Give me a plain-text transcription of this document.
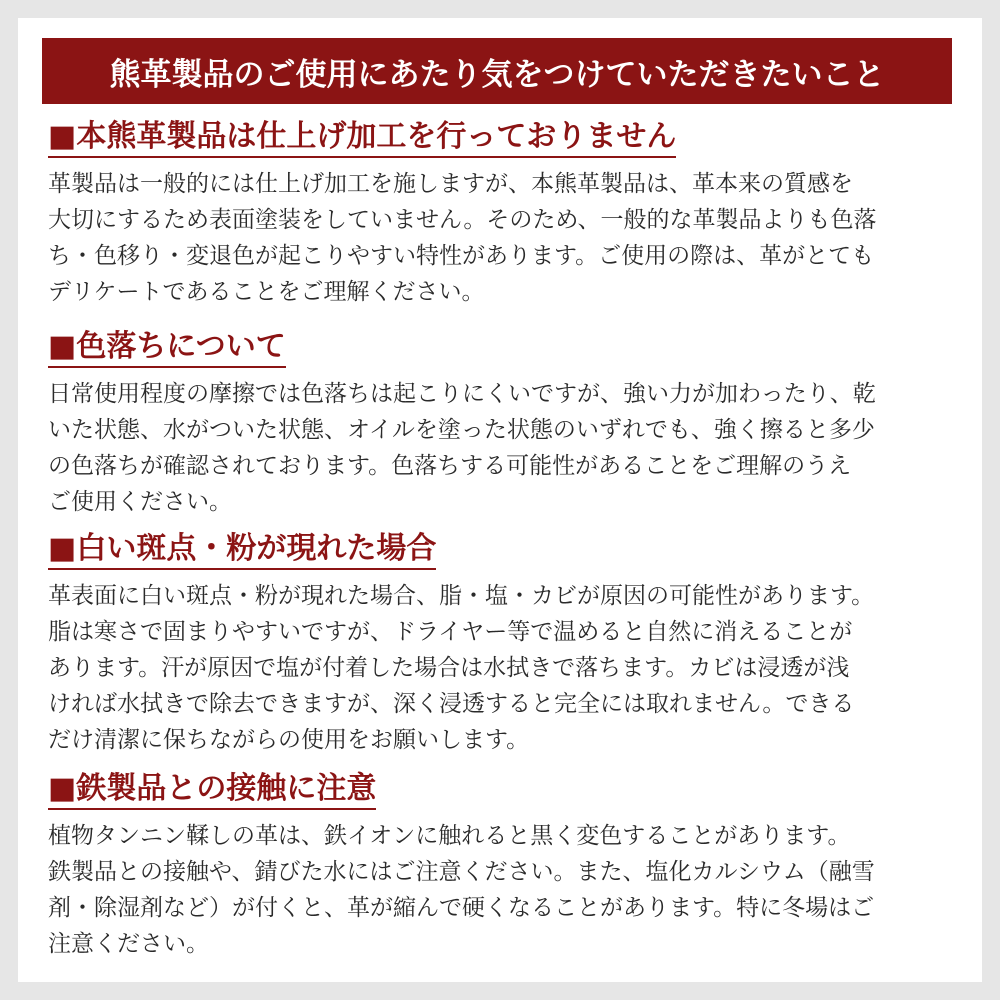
熊革製品のご使用にあたり気をつけていただきたいこと
■本熊革製品は仕上げ加工を行っておりません
革製品は一般的には仕上げ加工を施しますが、本熊革製品は、革本来の質感を
大切にするため表面塗装をしていません。そのため、一般的な革製品よりも色落
ち・色移り・変退色が起こりやすい特性があります。ご使用の際は、革がとても
デリケートであることをご理解ください。
■色落ちについて
日常使用程度の摩擦では色落ちは起こりにくいですが、強い力が加わったり、乾
いた状態、水がついた状態、オイルを塗った状態のいずれでも、強く擦ると多少
の色落ちが確認されております。色落ちする可能性があることをご理解のうえ
ご使用ください。
■白い斑点・粉が現れた場合
革表面に白い斑点・粉が現れた場合、脂・塩・カビが原因の可能性があります。
脂は寒さで固まりやすいですが、ドライヤー等で温めると自然に消えることが
あります。汗が原因で塩が付着した場合は水拭きで落ちます。カビは浸透が浅
ければ水拭きで除去できますが、深く浸透すると完全には取れません。できる
だけ清潔に保ちながらの使用をお願いします。
■鉄製品との接触に注意
植物タンニン鞣しの革は、鉄イオンに触れると黒く変色することがあります。
鉄製品との接触や、錆びた水にはご注意ください。また、塩化カルシウム（融雪
剤・除湿剤など）が付くと、革が縮んで硬くなることがあります。特に冬場はご
注意ください。
